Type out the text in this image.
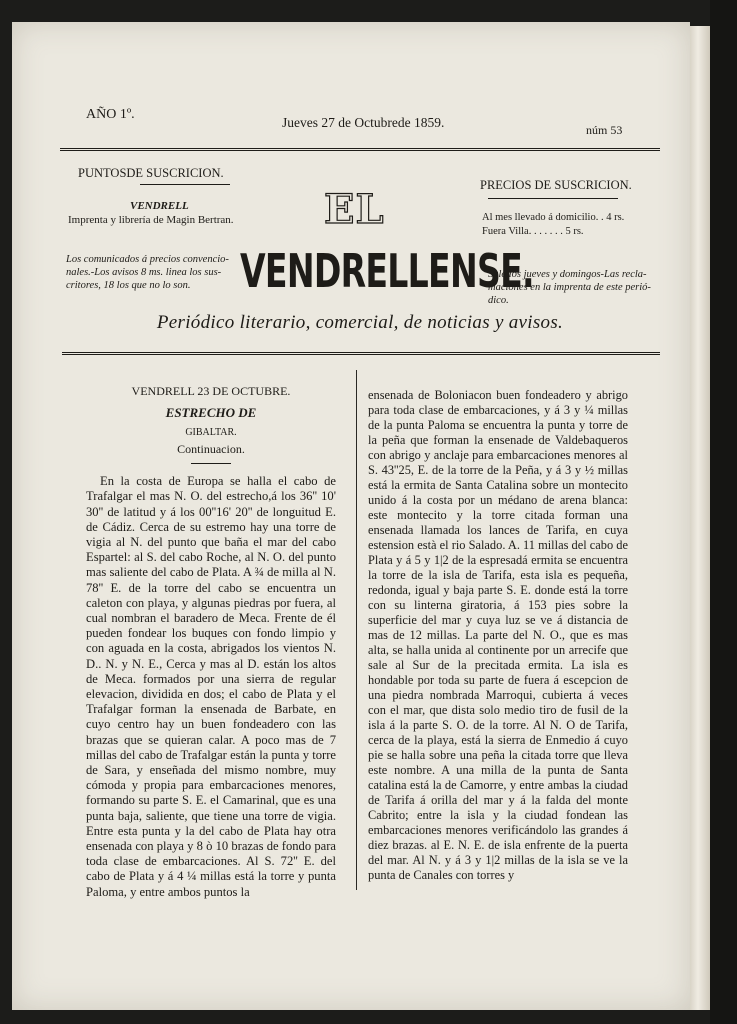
AÑO 1º.
Jueves 27 de Octubrede 1859.	núm 53
PUNTOSDE SUSCRICION.
VENDRELL
Imprenta y librería de Magin Bertran.
Los comunicados á precios convencio- nales.-Los avisos 8 ms. linea los sus- critores, 18 los que no lo son.
PRECIOS DE SUSCRICION.
Al mes llevado á domicilio. . 4 rs.
Fuera Villa. . . . . . . 5 rs.
Sale los jueves y domingos-Las recla- maciones en la imprenta de este perió- dico.
EL
VENDRELLENSE.
Periódico literario, comercial, de noticias y avisos.
VENDRELL 23 DE OCTUBRE.
ESTRECHO DE
GIBALTAR.
Continuacion.

En la costa de Europa se halla el cabo de Trafalgar el mas N. O. del estrecho,á los 36'' 10' 30'' de latitud y á los 00''16' 20'' de longuitud E. de Cádiz. Cerca de su estremo hay una torre de vigia al N. del punto que baña el mar del cabo Espartel: al S. del cabo Roche, al N. O. del punto mas saliente del cabo de Plata. A ¾ de milla al N. 78'' E. de la torre del cabo se encuentra un caleton con playa, y algunas piedras por fuera, al cual nombran el baradero de Meca. Frente de él pueden fondear los buques con fondo limpio y con aguada en la costa, abrigados los vientos N. D.. N. y N. E., Cerca y mas al D. están los altos de Meca. formados por una sierra de regular elevacion, dividida en dos; el cabo de Plata y el Trafalgar forman la ensenada de Barbate, en cuyo centro hay un buen fondeadero con las brazas que se quieran calar. A poco mas de 7 millas del cabo de Trafalgar están la punta y torre de Sara, y enseñada del mismo nombre, muy cómoda y propia para embarcaciones menores, formando su parte S. E. el Camarinal, que es una punta baja, saliente, que tiene una torre de vigia. Entre esta punta y la del cabo de Plata hay otra ensenada con playa y 8 ò 10 brazas de fondo para toda clase de embarcaciones. Al S. 72'' E. del cabo de Plata y á 4 ¼ millas está la torre y punta Paloma, y entre ambos puntos la

ensenada de Boloniacon buen fondeadero y abrigo para toda clase de embarcaciones, y á 3 y ¼ millas de la punta Paloma se encuentra la punta y torre de la peña que forman la ensenade de Valdebaqueros con abrigo y anclaje para embarcaciones menores al S. 43''25, E. de la torre de la Peña, y á 3 y ½ millas está la ermita de Santa Catalina sobre un montecito unido á la costa por un médano de arena blanca: este montecito y la torre citada forman una ensenada llamada los lances de Tarifa, en cuya estension està el rio Salado. A. 11 millas del cabo de Plata y á 5 y 1|2 de la espresadá ermita se encuentra la torre de la isla de Tarifa, esta isla es pequeña, redonda, igual y baja parte S. E. donde está la torre con su linterna giratoria, á 153 pies sobre la superficie del mar y cuya luz se ve á distancia de mas de 12 millas. La parte del N. O., que es mas alta, se halla unida al continente por un arrecife que sale al Sur de la precitada ermita. La isla es hondable por toda su parte de fuera á escepcion de una piedra nombrada Marroqui, cubierta á veces con el mar, que dista solo medio tiro de fusil de la isla á la parte S. O. de la torre. Al N. O de Tarifa, cerca de la playa, está la sierra de Enmedio á cuyo pie se halla sobre una peña la citada torre que lleva este nombre. A una milla de la punta de Santa catalina está la de Camorre, y entre ambas la ciudad de Tarifa á orilla del mar y á la falda del monte Cabrito; entre la isla y la ciudad fondean las embarcaciones menores verificándolo las grandes á diez brazas. al E. N. E. de isla enfrente de la puerta del mar. Al N. y á 3 y 1|2 millas de la isla se ve la punta de Canales con torres y
